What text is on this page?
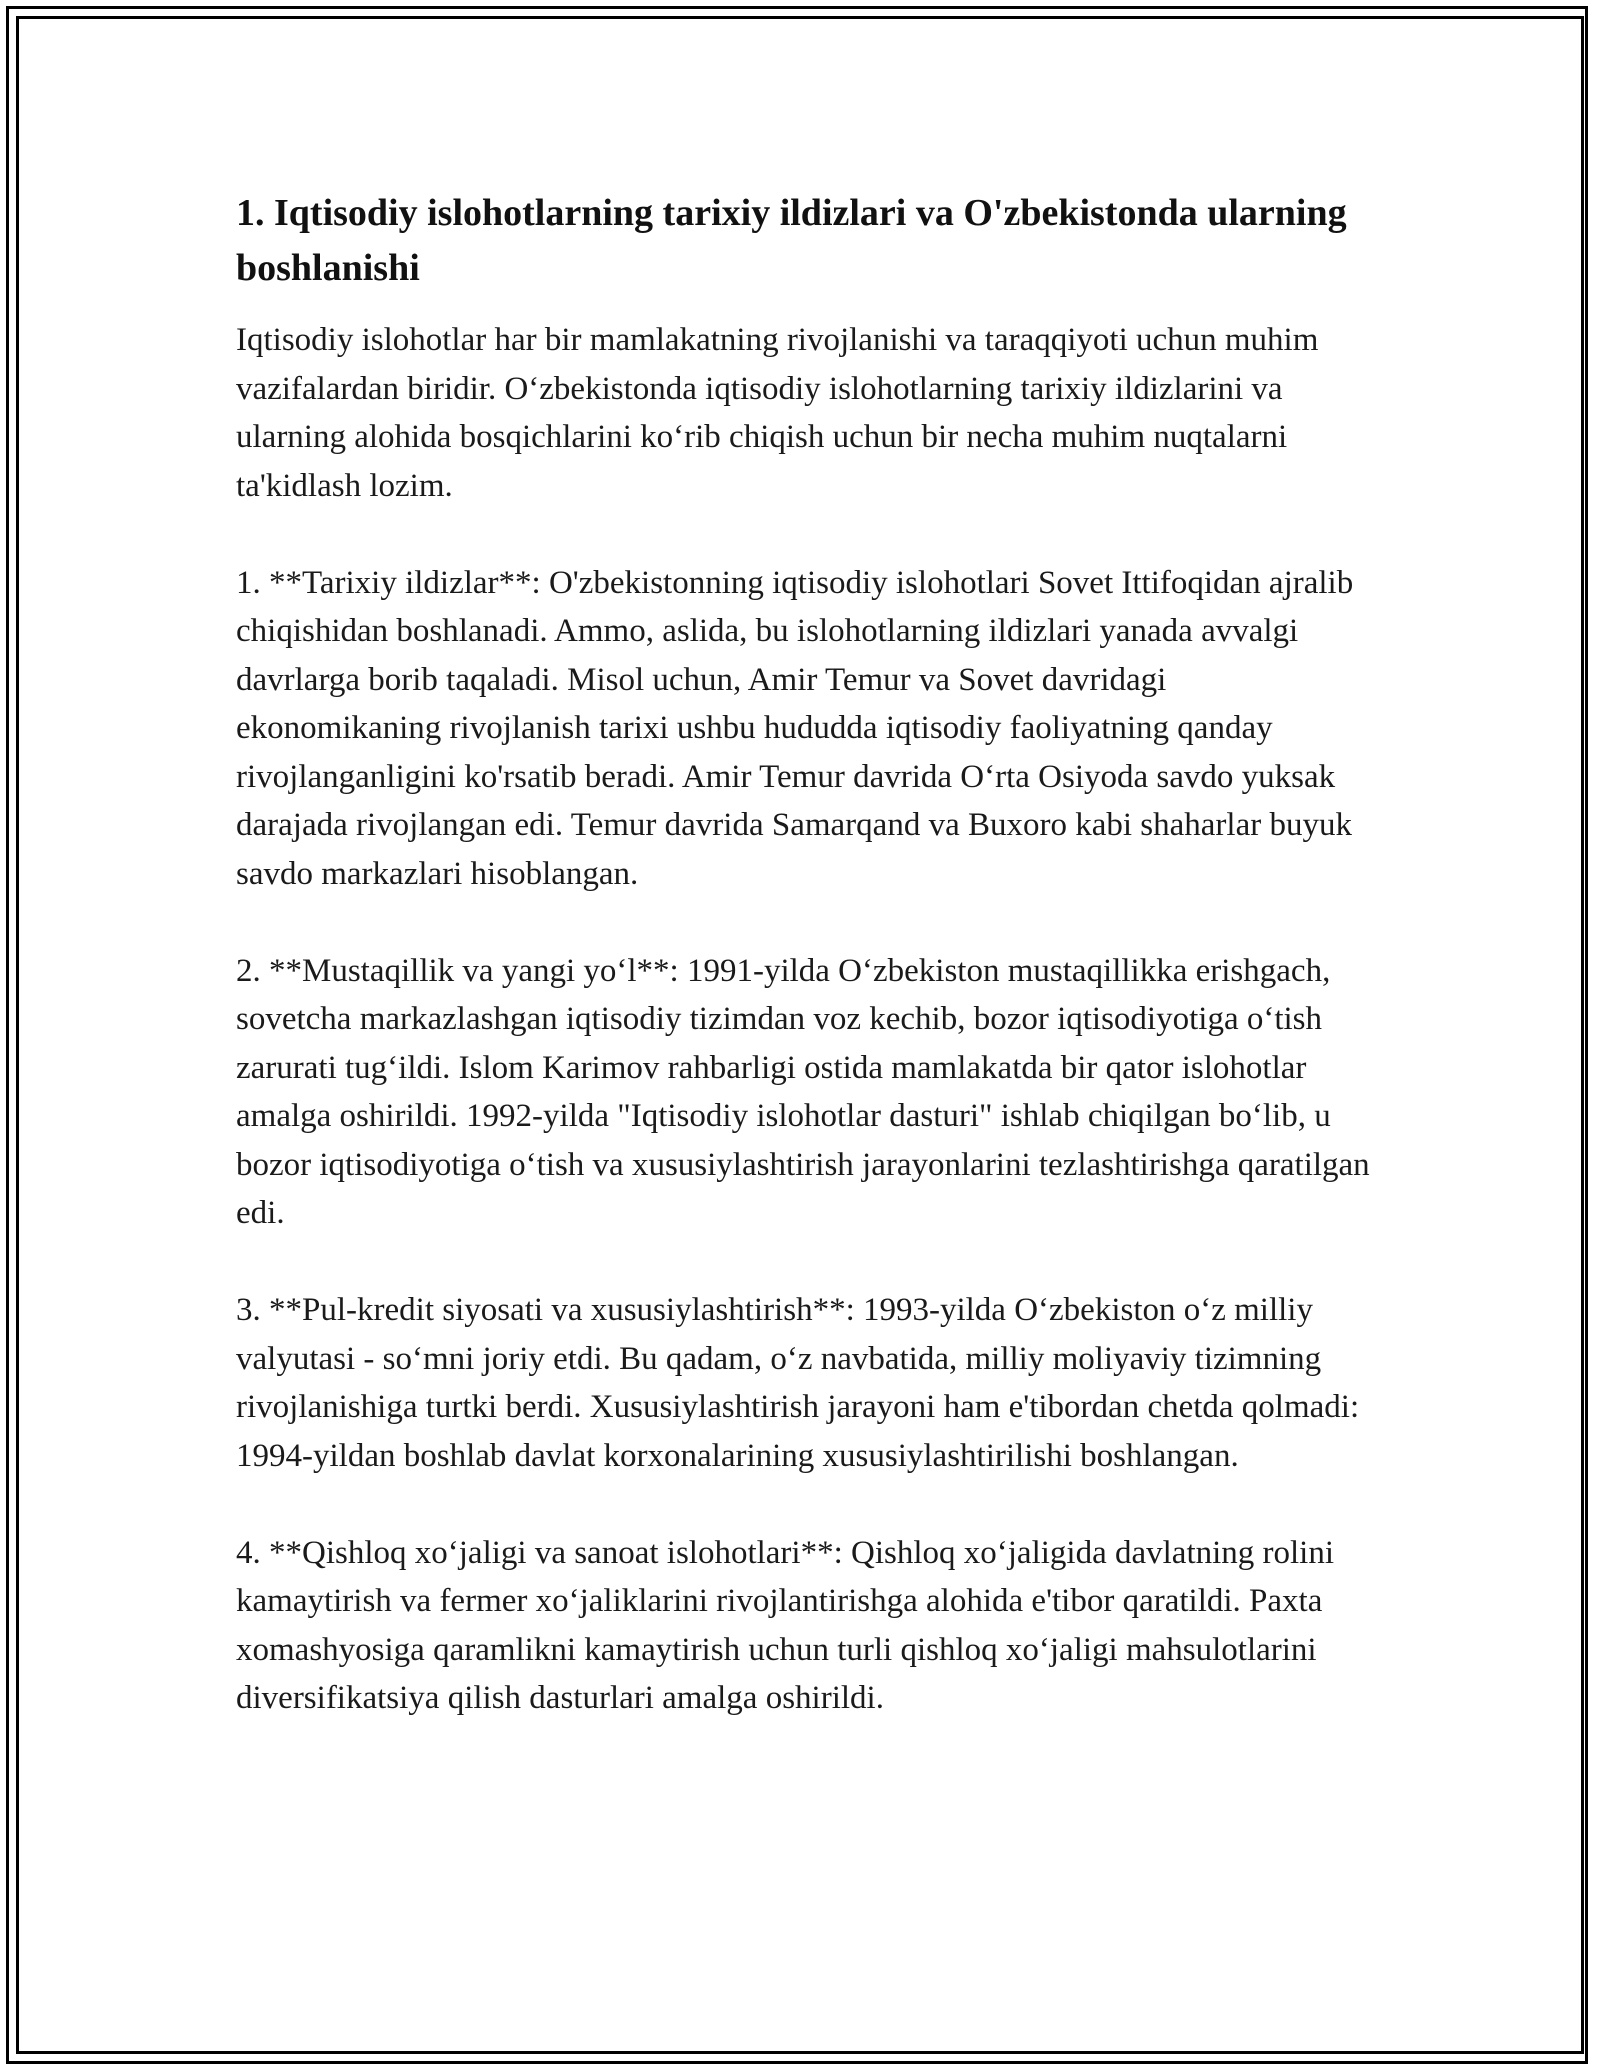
1. Iqtisodiy islohotlarning tarixiy ildizlari va O'zbekistonda ularning boshlanishi

Iqtisodiy islohotlar har bir mamlakatning rivojlanishi va taraqqiyoti uchun muhim vazifalardan biridir. O‘zbekistonda iqtisodiy islohotlarning tarixiy ildizlarini va ularning alohida bosqichlarini ko‘rib chiqish uchun bir necha muhim nuqtalarni ta'kidlash lozim.

1. **Tarixiy ildizlar**: O'zbekistonning iqtisodiy islohotlari Sovet Ittifoqidan ajralib chiqishidan boshlanadi. Ammo, aslida, bu islohotlarning ildizlari yanada avvalgi davrlarga borib taqaladi. Misol uchun, Amir Temur va Sovet davridagi ekonomikaning rivojlanish tarixi ushbu hududda iqtisodiy faoliyatning qanday rivojlanganligini ko'rsatib beradi. Amir Temur davrida O‘rta Osiyoda savdo yuksak darajada rivojlangan edi. Temur davrida Samarqand va Buxoro kabi shaharlar buyuk savdo markazlari hisoblangan.

2. **Mustaqillik va yangi yo‘l**: 1991-yilda O‘zbekiston mustaqillikka erishgach, sovetcha markazlashgan iqtisodiy tizimdan voz kechib, bozor iqtisodiyotiga o‘tish zarurati tug‘ildi. Islom Karimov rahbarligi ostida mamlakatda bir qator islohotlar amalga oshirildi. 1992-yilda "Iqtisodiy islohotlar dasturi" ishlab chiqilgan bo‘lib, u bozor iqtisodiyotiga o‘tish va xususiylashtirish jarayonlarini tezlashtirishga qaratilgan edi.

3. **Pul-kredit siyosati va xususiylashtirish**: 1993-yilda O‘zbekiston o‘z milliy valyutasi - so‘mni joriy etdi. Bu qadam, o‘z navbatida, milliy moliyaviy tizimning rivojlanishiga turtki berdi. Xususiylashtirish jarayoni ham e'tibordan chetda qolmadi: 1994-yildan boshlab davlat korxonalarining xususiylashtirilishi boshlangan.

4. **Qishloq xo‘jaligi va sanoat islohotlari**: Qishloq xo‘jaligida davlatning rolini kamaytirish va fermer xo‘jaliklarini rivojlantirishga alohida e'tibor qaratildi. Paxta xomashyosiga qaramlikni kamaytirish uchun turli qishloq xo‘jaligi mahsulotlarini diversifikatsiya qilish dasturlari amalga oshirildi.
